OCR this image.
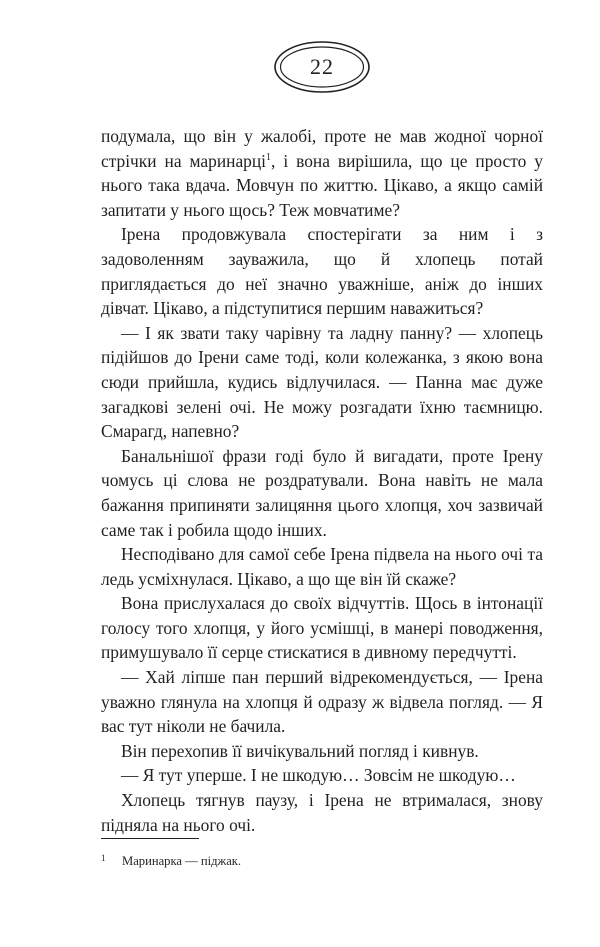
22

подумала, що він у жалобі, проте не мав жодної чорної стрічки на маринарці$^1$, і вона вирішила, що це просто у нього така вдача. Мовчун по життю. Цікаво, а якщо самій запитати у нього щось? Теж мовчатиме?

Ірена продовжувала спостерігати за ним і з задоволенням зауважила, що й хлопець потай приглядається до неї значно уважніше, аніж до інших дівчат. Цікаво, а підступитися першим наважиться?

— І як звати таку чарівну та ладну панну? — хлопець підійшов до Ірени саме тоді, коли колежанка, з якою вона сюди прийшла, кудись відлучилася. — Панна має дуже загадкові зелені очі. Не можу розгадати їхню таємницю. Смарагд, напевно?

Банальнішої фрази годі було й вигадати, проте Ірену чомусь ці слова не роздратували. Вона навіть не мала бажання припиняти залицяння цього хлопця, хоч зазвичай саме так і робила щодо інших.

Несподівано для самої себе Ірена підвела на нього очі та ледь усміхнулася. Цікаво, а що ще він їй скаже?

Вона прислухалася до своїх відчуттів. Щось в інтонації голосу того хлопця, у його усмішці, в манері поводження, примушувало її серце стискатися в дивному передчутті.

— Хай ліпше пан перший відрекомендується, — Ірена уважно глянула на хлопця й одразу ж відвела погляд. — Я вас тут ніколи не бачила.

Він перехопив її вичікувальний погляд і кивнув.

— Я тут уперше. І не шкодую… Зовсім не шкодую…

Хлопець тягнув паузу, і Ірена не втрималася, знову підняла на нього очі.

1 Маринарка — піджак.
